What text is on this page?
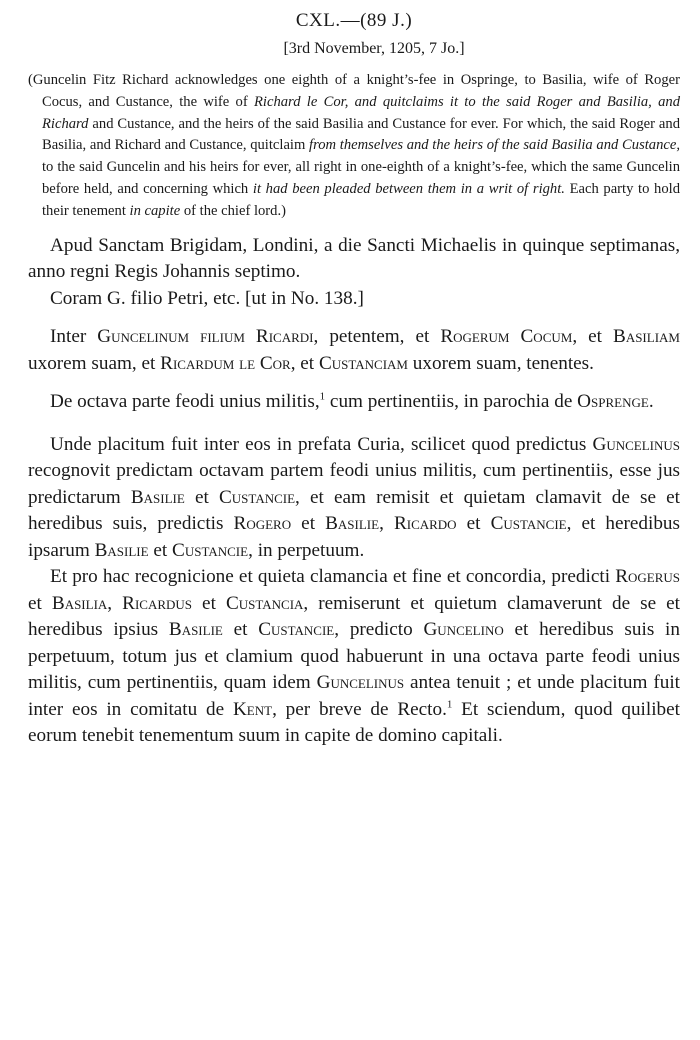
CXL.—(89 J.)
[3rd November, 1205, 7 Jo.]

(Guncelin Fitz Richard acknowledges one eighth of a knight’s-fee in Ospringe, to Basilia, wife of Roger Cocus, and Custance, the wife of Richard le Cor, and quitclaims it to the said Roger and Basilia, and Richard and Custance, and the heirs of the said Basilia and Custance for ever. For which, the said Roger and Basilia, and Richard and Custance, quitclaim from themselves and the heirs of the said Basilia and Custance, to the said Guncelin and his heirs for ever, all right in one-eighth of a knight’s-fee, which the same Guncelin before held, and concerning which it had been pleaded between them in a writ of right. Each party to hold their tenement in capite of the chief lord.)

Apud Sanctam Brigidam, Londini, a die Sancti Michaelis in quinque septimanas, anno regni Regis Johannis septimo.

Coram G. filio Petri, etc. [ut in No. 138.]

Inter Guncelinum filium Ricardi, petentem, et Rogerum Cocum, et Basiliam uxorem suam, et Ricardum le Cor, et Custanciam uxorem suam, tenentes.

De octava parte feodi unius militis,$^1$ cum pertinentiis, in parochia de Osprenge.

Unde placitum fuit inter eos in prefata Curia, scilicet quod predictus Guncelinus recognovit predictam octavam partem feodi unius militis, cum pertinentiis, esse jus predictarum Basilie et Custancie, et eam remisit et quietam clamavit de se et heredibus suis, predictis Rogero et Basilie, Ricardo et Custancie, et heredibus ipsarum Basilie et Custancie, in perpetuum.

Et pro hac recognicione et quieta clamancia et fine et concordia, predicti Rogerus et Basilia, Ricardus et Custancia, remiserunt et quietum clamaverunt de se et heredibus ipsius Basilie et Custancie, predicto Guncelino et heredibus suis in perpetuum, totum jus et clamium quod habuerunt in una octava parte feodi unius militis, cum pertinentiis, quam idem Guncelinus antea tenuit ; et unde placitum fuit inter eos in comitatu de Kent, per breve de Recto.$^1$ Et sciendum, quod quilibet eorum tenebit tenementum suum in capite de domino capitali.
